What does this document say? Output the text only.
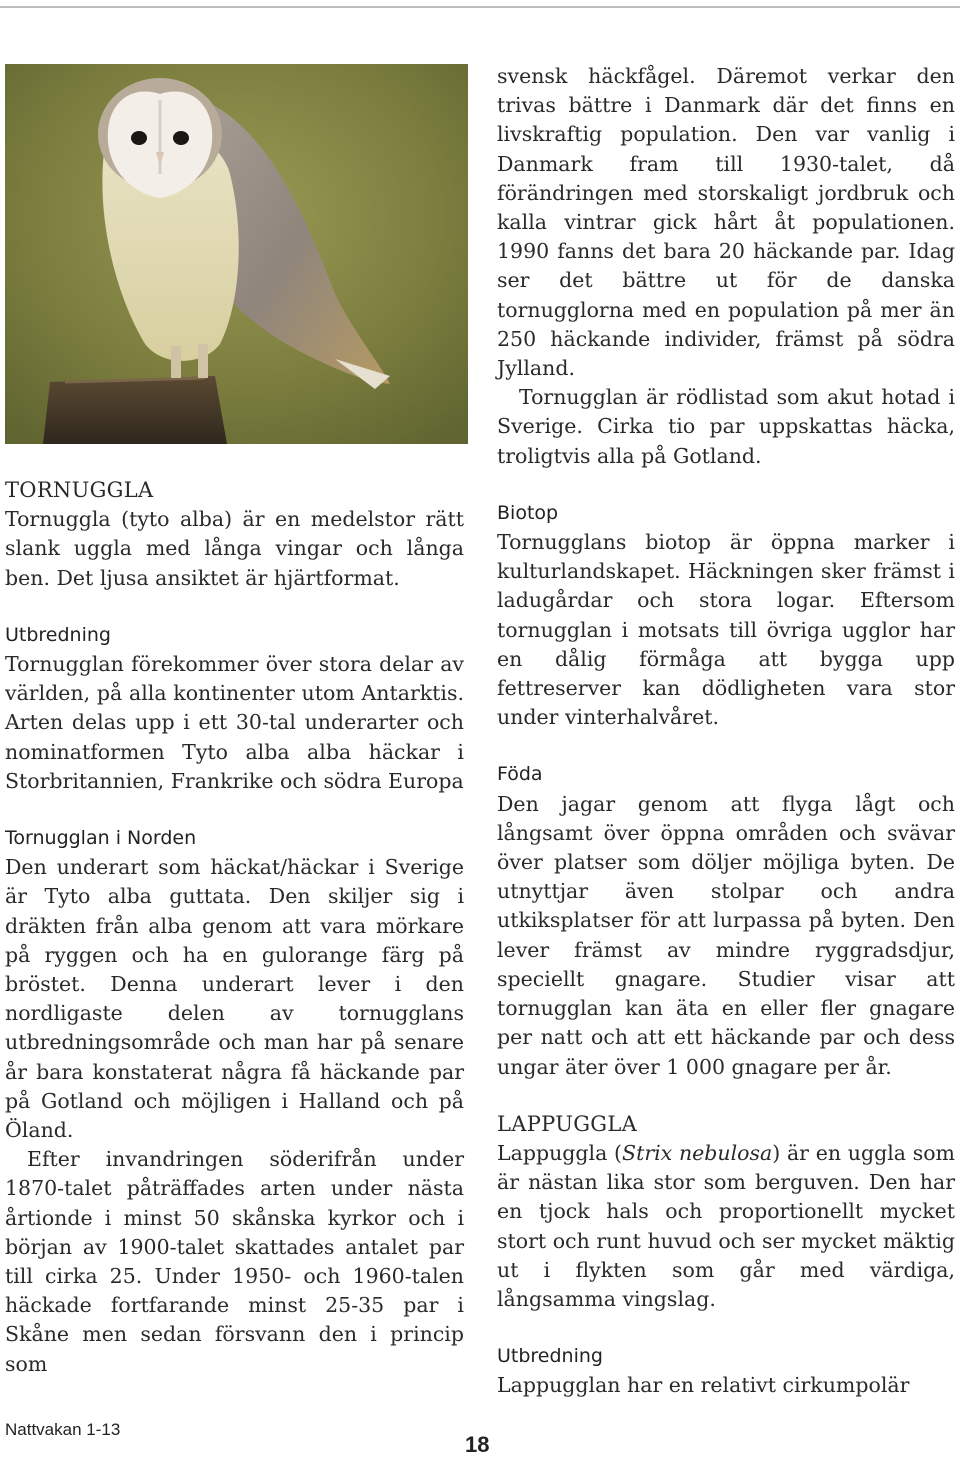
TORNUGGLA

Tornuggla (tyto alba) är en medelstor rätt slank uggla med långa vingar och långa ben. Det ljusa ansiktet är hjärtformat.

Utbredning

Tornugglan förekommer över stora delar av världen, på alla kontinenter utom Antarktis. Arten delas upp i ett 30-tal underarter och nominatformen Tyto alba alba häckar i Storbritannien, Frankrike och södra Europa

Tornugglan i Norden

Den underart som häckat/häckar i Sverige är Tyto alba guttata. Den skiljer sig i dräkten från alba genom att vara mörkare på ryggen och ha en gulorange färg på bröstet. Denna underart lever i den nordligaste delen av tornugglans utbredningsområde och man har på senare år bara konstaterat några få häckande par på Gotland och möjligen i Halland och på Öland.

Efter invandringen söderifrån under 1870-talet påträffades arten under nästa årtionde i minst 50 skånska kyrkor och i början av 1900-talet skattades antalet par till cirka 25. Under 1950- och 1960-talen häckade fortfarande minst 25-35 par i Skåne men sedan försvann den i princip som

svensk häckfågel. Däremot verkar den trivas bättre i Danmark där det finns en livskraftig population. Den var vanlig i Danmark fram till 1930-talet, då förändringen med storskaligt jordbruk och kalla vintrar gick hårt åt populationen. 1990 fanns det bara 20 häckande par. Idag ser det bättre ut för de danska tornugglorna med en population på mer än 250 häckande individer, främst på södra Jylland.

Tornugglan är rödlistad som akut hotad i Sverige. Cirka tio par uppskattas häcka, troligtvis alla på Gotland.

Biotop

Tornugglans biotop är öppna marker i kulturlandskapet. Häckningen sker främst i ladugårdar och stora logar. Eftersom tornugglan i motsats till övriga ugglor har en dålig förmåga att bygga upp fettreserver kan dödligheten vara stor under vinterhalvåret.

Föda

Den jagar genom att flyga lågt och långsamt över öppna områden och svävar över platser som döljer möjliga byten. De utnyttjar även stolpar och andra utkiksplatser för att lurpassa på byten. Den lever främst av mindre ryggradsdjur, speciellt gnagare. Studier visar att tornugglan kan äta en eller fler gnagare per natt och att ett häckande par och dess ungar äter över 1 000 gnagare per år.

LAPPUGGLA

Lappuggla (Strix nebulosa) är en uggla som är nästan lika stor som berguven. Den har en tjock hals och proportionellt mycket stort och runt huvud och ser mycket mäktig ut i flykten som går med värdiga, långsamma vingslag.

Utbredning

Lappugglan har en relativt cirkumpolär

Nattvakan 1-13
18
